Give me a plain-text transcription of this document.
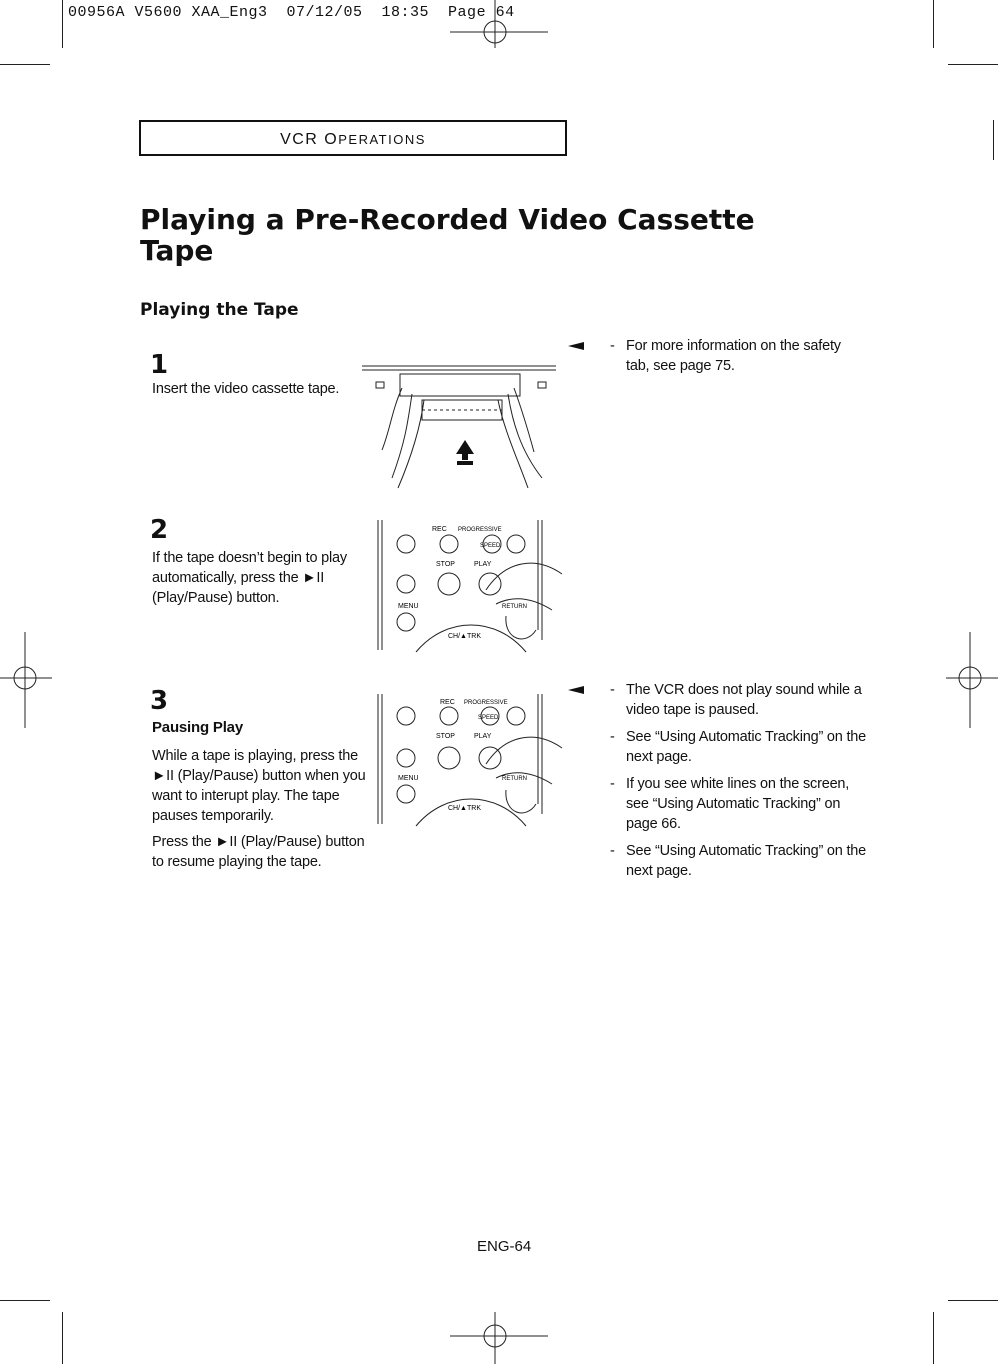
00956A V5600 XAA_Eng3  07/12/05  18:35  Page 64
VCR OPERATIONS
Playing a Pre-Recorded Video Cassette Tape
Playing the Tape
1

Insert the video cassette tape.

2

If the tape doesn’t begin to play automatically, press the ►II (Play/Pause) button.

REC PROGRESSIVE
SPEED
STOP	PLAY
MENU	RETURN
CH/▲TRK
3

Pausing Play

While a tape is playing, press the ►II (Play/Pause) button when you want to interupt play. The tape pauses temporarily.

Press the ►II (Play/Pause) button to resume playing the tape.

REC PROGRESSIVE
SPEED
STOP	PLAY
MENU	RETURN
CH/▲TRK
- For more information on the safety tab, see page 75.
- The VCR does not play sound while a video tape is paused.
- See “Using Automatic Tracking” on the next page.
- If you see white lines on the screen, see “Using Automatic Tracking” on page 66.
- See “Using Automatic Tracking” on the next page.
ENG-64
